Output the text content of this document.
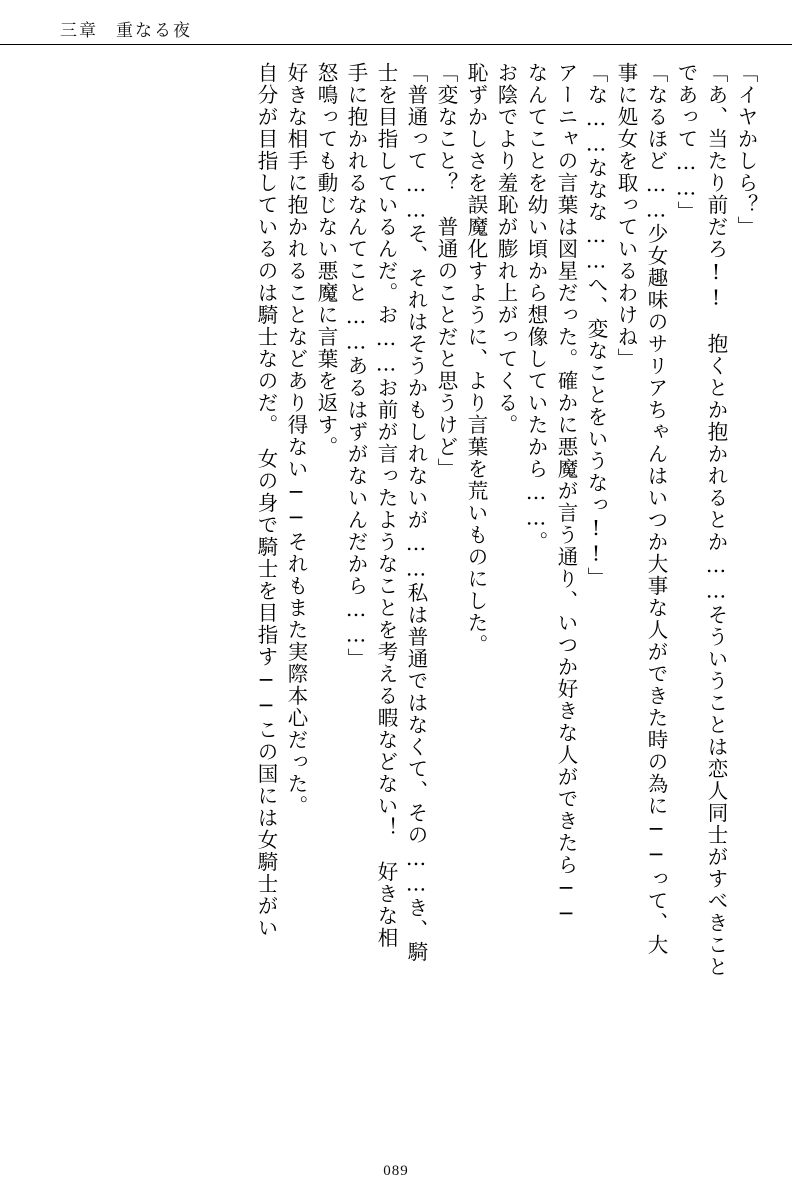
三章 重なる夜
「イヤかしら？」
「あ、当たり前だろ!!　抱くとか抱かれるとか……そういうことは恋人同士がすべきこと
であって……」
「なるほど……少女趣味のサリアちゃんはいつか大事な人ができた時の為に──って、大
事に処女を取っているわけね」
「な……ななな……へ、変なことをいうなっ!!」
アーニャの言葉は図星だった。確かに悪魔が言う通り、いつか好きな人ができたら──
なんてことを幼い頃から想像していたから……。
お陰でより羞恥が膨れ上がってくる。
恥ずかしさを誤魔化すように、より言葉を荒いものにした。
「変なこと？　普通のことだと思うけど」
「普通って……そ、それはそうかもしれないが……私は普通ではなくて、その……き、騎
士を目指しているんだ。お……お前が言ったようなことを考える暇などない！　好きな相
手に抱かれるなんてこと……あるはずがないんだから……」
怒鳴っても動じない悪魔に言葉を返す。
好きな相手に抱かれることなどあり得ない──それもまた実際本心だった。
自分が目指しているのは騎士なのだ。　女の身で騎士を目指す──この国には女騎士がい
089
